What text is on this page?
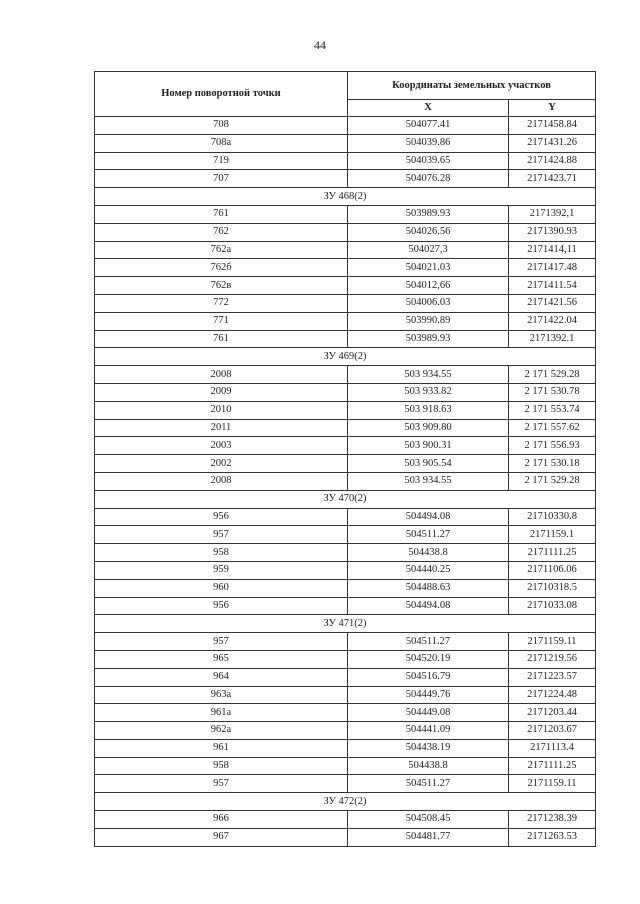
44
Номер поворотной точки	Координаты земельных участков	
	X	Y
708	504077.41	2171458.84
708а	504039.86	2171431.26
719	504039.65	2171424.88
707	504076.28	2171423.71
ЗУ 468(2)		
761	503989.93	2171392,1
762	504026.56	2171390.93
762а	504027,3	2171414,11
762б	504021.03	2171417.48
762в	504012,66	2171411.54
772	504006.03	2171421.56
771	503990.89	2171422.04
761	503989.93	2171392.1
ЗУ 469(2)		
2008	503 934.55	2 171 529.28
2009	503 933.82	2 171 530.78
2010	503 918.63	2 171 553.74
2011	503 909.80	2 171 557.62
2003	503 900.31	2 171 556.93
2002	503 905.54	2 171 530.18
2008	503 934.55	2 171 529.28
ЗУ 470(2)		
956	504494.08	21710330.8
957	504511.27	2171159.1
958	504438.8	2171111.25
959	504440.25	2171106.06
960	504488.63	21710318.5
956	504494.08	2171033.08
ЗУ 471(2)		
957	504511.27	2171159.11
965	504520.19	2171219.56
964	504516.79	2171223.57
963а	504449.76	2171224.48
961а	504449.08	2171203.44
962а	504441.09	2171203.67
961	504438.19	2171113.4
958	504438.8	2171111.25
957	504511.27	2171159.11
ЗУ 472(2)		
966	504508.45	2171238.39
967	504481.77	2171263.53
